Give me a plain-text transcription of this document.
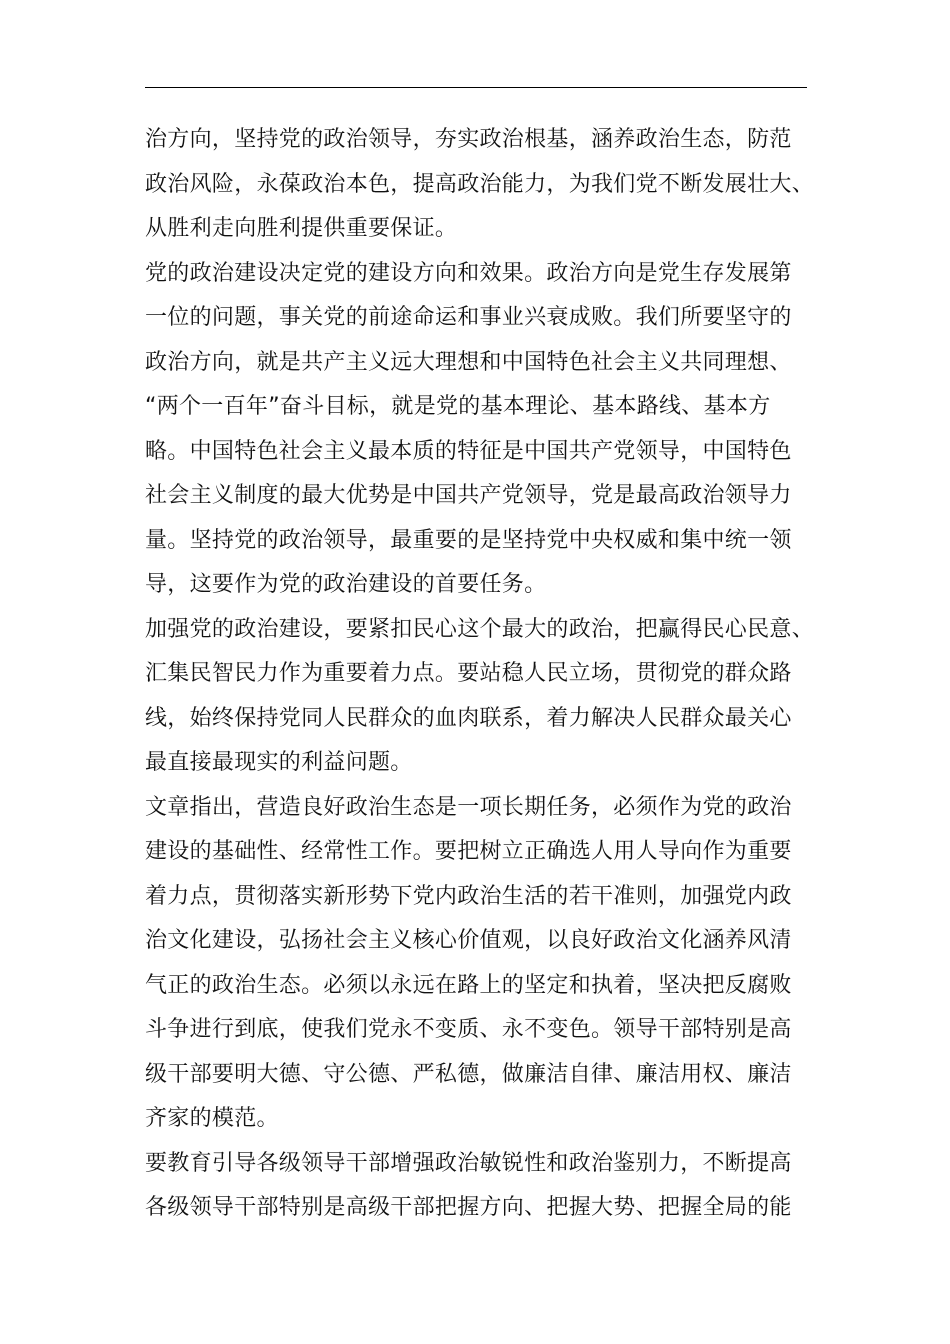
治方向，坚持党的政治领导，夯实政治根基，涵养政治生态，防范
政治风险，永葆政治本色，提高政治能力，为我们党不断发展壮大、
从胜利走向胜利提供重要保证。
党的政治建设决定党的建设方向和效果。政治方向是党生存发展第
一位的问题，事关党的前途命运和事业兴衰成败。我们所要坚守的
政治方向，就是共产主义远大理想和中国特色社会主义共同理想、
“两个一百年”奋斗目标，就是党的基本理论、基本路线、基本方
略。中国特色社会主义最本质的特征是中国共产党领导，中国特色
社会主义制度的最大优势是中国共产党领导，党是最高政治领导力
量。坚持党的政治领导，最重要的是坚持党中央权威和集中统一领
导，这要作为党的政治建设的首要任务。
加强党的政治建设，要紧扣民心这个最大的政治，把赢得民心民意、
汇集民智民力作为重要着力点。要站稳人民立场，贯彻党的群众路
线，始终保持党同人民群众的血肉联系，着力解决人民群众最关心
最直接最现实的利益问题。
文章指出，营造良好政治生态是一项长期任务，必须作为党的政治
建设的基础性、经常性工作。要把树立正确选人用人导向作为重要
着力点，贯彻落实新形势下党内政治生活的若干准则，加强党内政
治文化建设，弘扬社会主义核心价值观，以良好政治文化涵养风清
气正的政治生态。必须以永远在路上的坚定和执着，坚决把反腐败
斗争进行到底，使我们党永不变质、永不变色。领导干部特别是高
级干部要明大德、守公德、严私德，做廉洁自律、廉洁用权、廉洁
齐家的模范。
要教育引导各级领导干部增强政治敏锐性和政治鉴别力，不断提高
各级领导干部特别是高级干部把握方向、把握大势、把握全局的能
